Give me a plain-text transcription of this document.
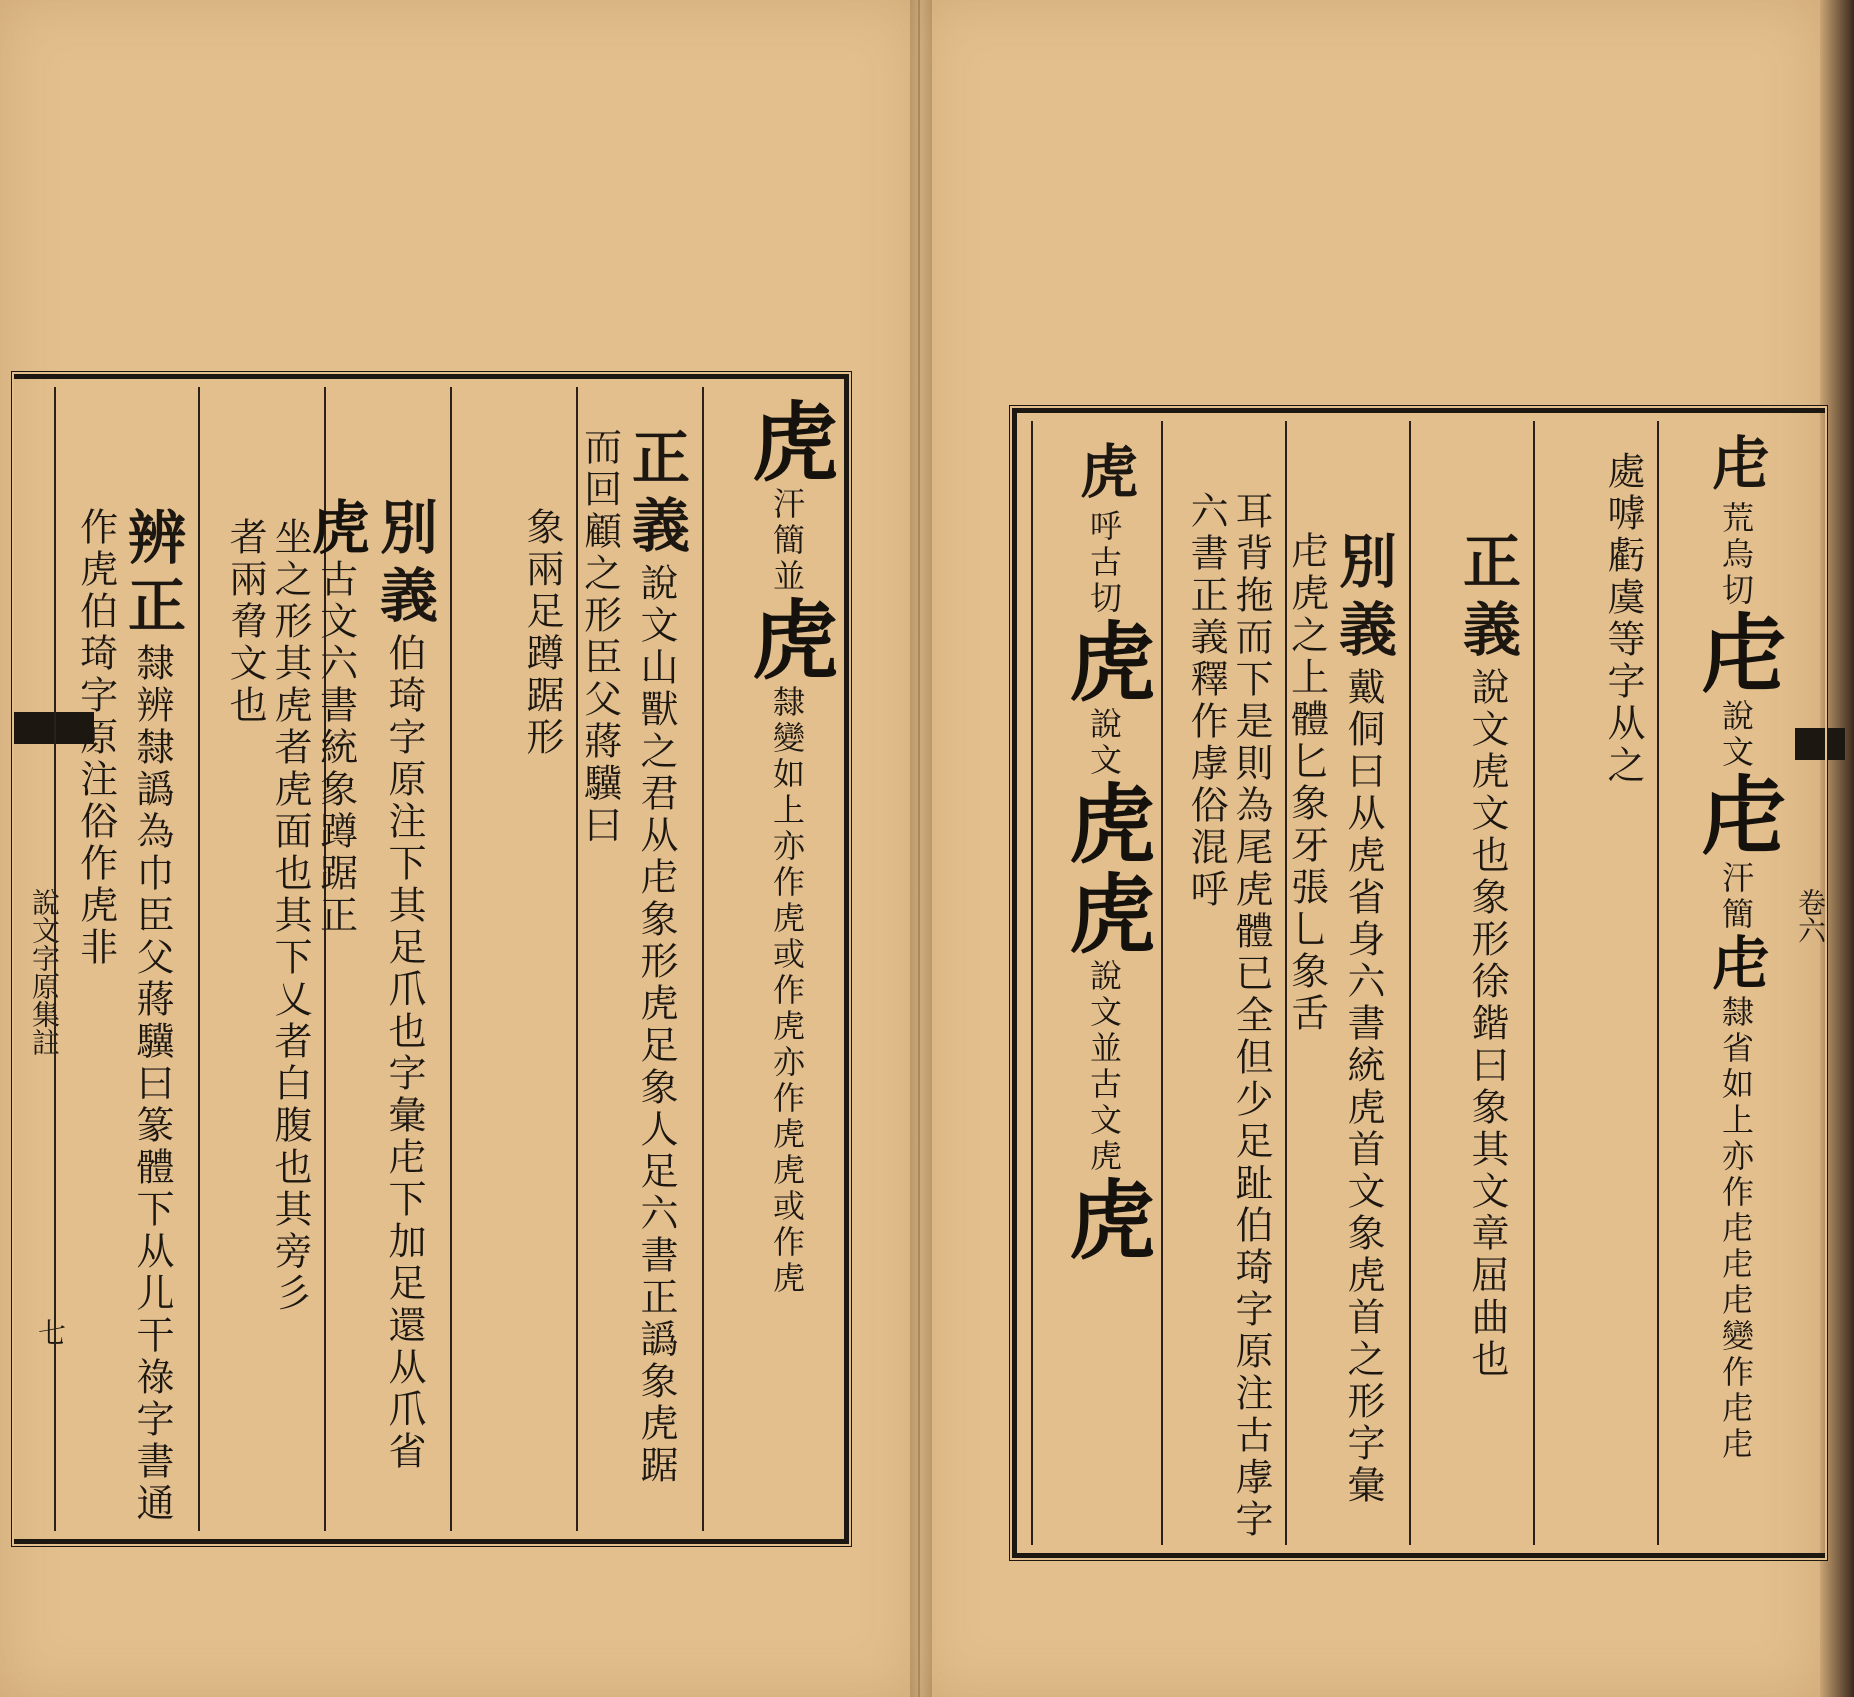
說文字原集註
七
卷六
虎汗簡並虎隸變如上亦作虎或作虎亦作虎虎或作虎
正義說文山獸之君从虍象形虎足象人足六書正譌象虎踞而回顧之形臣父蔣驥曰
象兩足蹲踞形
別義伯琦字原注下其足爪也字彙虍下加足還从爪省虎古文六書統象蹲踞正
坐之形其虎者虎面也其下乂者白腹也其旁彡者兩脅文也
辨正隸辨隸譌為巾臣父蔣驥曰篆體下从儿干祿字書通作虎伯琦字原注俗作虎非
虍荒烏切虍說文虍汗簡虍隸省如上亦作虍虍虍變作虍虍
處嘑虧虞等字从之
正義說文虎文也象形徐鍇曰象其文章屈曲也
別義戴侗曰从虎省身六書統虎首文象虎首之形字彙虍虎之上體匕象牙張乚象舌
耳背拖而下是則為尾虎體已全但少足趾伯琦字原注古虖字六書正義釋作虖俗混呼
虎呼古切虎說文虎虎說文並古文虎虎
